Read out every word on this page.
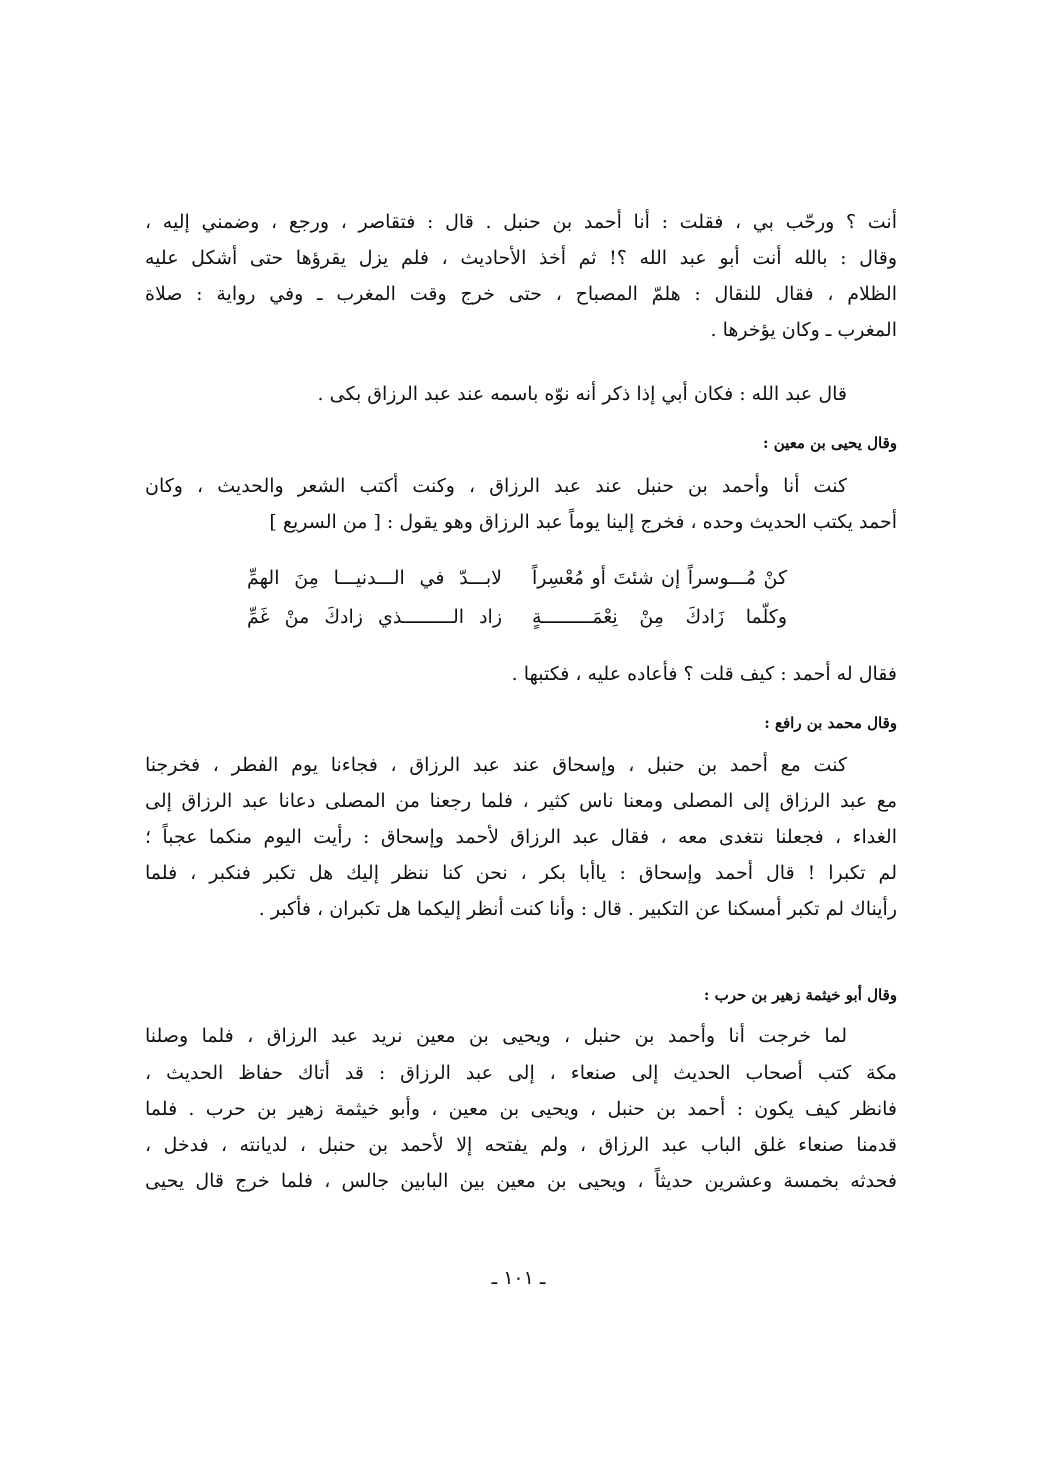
أنت ؟ ورحّب بي ، فقلت : أنا أحمد بن حنبل . قال : فتقاصر ، ورجع ، وضمني إليه ،
وقال : بالله أنت أبو عبد الله ؟! ثم أخذ الأحاديث ، فلم يزل يقرؤها حتى أشكل عليه
الظلام ، فقال للنقال : هلمّ المصباح ، حتى خرج وقت المغرب ـ وفي رواية : صلاة
المغرب ـ وكان يؤخرها .
قال عبد الله : فكان أبي إذا ذكر أنه نوّه باسمه عند عبد الرزاق بكى .
وقال يحيى بن معين :
كنت أنا وأحمد بن حنبل عند عبد الرزاق ، وكنت أكتب الشعر والحديث ، وكان
أحمد يكتب الحديث وحده ، فخرج إلينا يوماً عبد الرزاق وهو يقول : [ من السريع ]
كنْ مُـــوسراً إن شئتَ أو مُعْسِراً
لابـــدّ في الـــدنيـــا مِنَ الهمِّ
وكلّما زَادكَ مِنْ نِعْمَـــــــــةٍ
زاد الـــــــــذي زادكَ منْ غَمِّ
فقال له أحمد : كيف قلت ؟ فأعاده عليه ، فكتبها .
وقال محمد بن رافع :
كنت مع أحمد بن حنبل ، وإسحاق عند عبد الرزاق ، فجاءنا يوم الفطر ، فخرجنا
مع عبد الرزاق إلى المصلى ومعنا ناس كثير ، فلما رجعنا من المصلى دعانا عبد الرزاق إلى
الغداء ، فجعلنا نتغدى معه ، فقال عبد الرزاق لأحمد وإسحاق : رأيت اليوم منكما عجباً ؛
لم تكبرا ! قال أحمد وإسحاق : ياأبا بكر ، نحن كنا ننظر إليك هل تكبر فنكبر ، فلما
رأيناك لم تكبر أمسكنا عن التكبير . قال : وأنا كنت أنظر إليكما هل تكبران ، فأكبر .
وقال أبو خيثمة زهير بن حرب :
لما خرجت أنا وأحمد بن حنبل ، ويحيى بن معين نريد عبد الرزاق ، فلما وصلنا
مكة كتب أصحاب الحديث إلى صنعاء ، إلى عبد الرزاق : قد أتاك حفاظ الحديث ،
فانظر كيف يكون : أحمد بن حنبل ، ويحيى بن معين ، وأبو خيثمة زهير بن حرب . فلما
قدمنا صنعاء غلق الباب عبد الرزاق ، ولم يفتحه إلا لأحمد بن حنبل ، لديانته ، فدخل ،
فحدثه بخمسة وعشرين حديثاً ، ويحيى بن معين بين البابين جالس ، فلما خرج قال يحيى
ـ ١٠١ ـ
